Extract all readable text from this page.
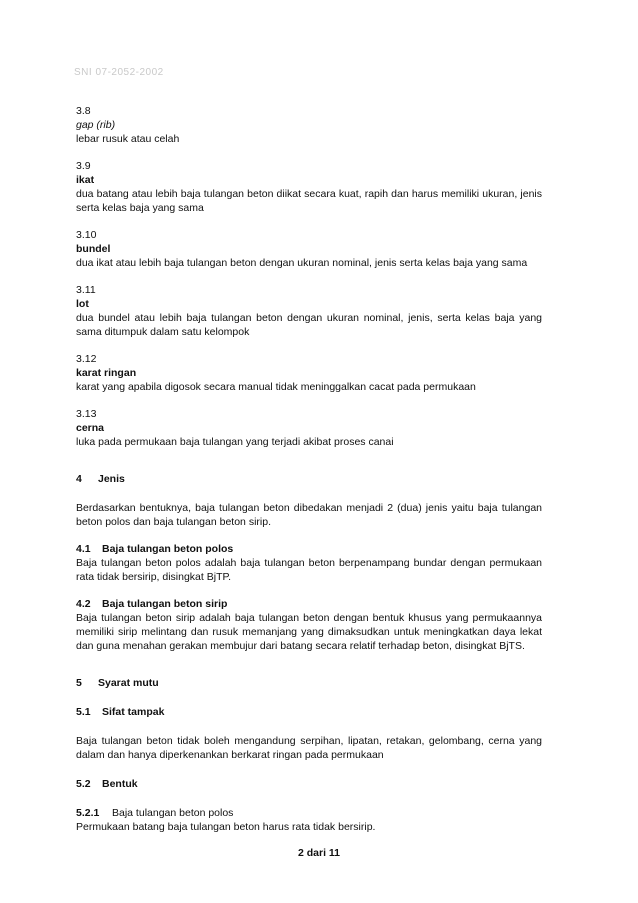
SNI 07-2052-2002
3.8
gap (rib)
lebar rusuk atau celah
3.9
ikat
dua batang atau lebih baja tulangan beton diikat secara kuat, rapih dan harus memiliki ukuran, jenis serta kelas baja yang sama
3.10
bundel
dua ikat atau lebih baja tulangan beton dengan ukuran nominal, jenis serta kelas baja yang sama
3.11
lot
dua bundel atau lebih baja tulangan beton dengan ukuran nominal, jenis, serta kelas baja yang sama ditumpuk dalam satu kelompok
3.12
karat ringan
karat yang apabila digosok secara manual tidak meninggalkan cacat pada permukaan
3.13
cerna
luka pada permukaan baja tulangan yang terjadi akibat proses canai
4 Jenis
Berdasarkan bentuknya, baja tulangan beton dibedakan menjadi 2 (dua) jenis yaitu baja tulangan beton polos dan baja tulangan beton sirip.
4.1 Baja tulangan beton polos
Baja tulangan beton polos adalah baja tulangan beton berpenampang bundar dengan permukaan rata tidak bersirip, disingkat BjTP.
4.2 Baja tulangan beton sirip
Baja tulangan beton sirip adalah baja tulangan beton dengan bentuk khusus yang permukaannya memiliki sirip melintang dan rusuk memanjang yang dimaksudkan untuk meningkatkan daya lekat dan guna menahan gerakan membujur dari batang secara relatif terhadap beton, disingkat BjTS.
5 Syarat mutu
5.1 Sifat tampak
Baja tulangan beton tidak boleh mengandung serpihan, lipatan, retakan, gelombang, cerna yang dalam dan hanya diperkenankan berkarat ringan pada permukaan
5.2 Bentuk
5.2.1 Baja tulangan beton polos
Permukaan batang baja tulangan beton harus rata tidak bersirip.
2 dari 11
